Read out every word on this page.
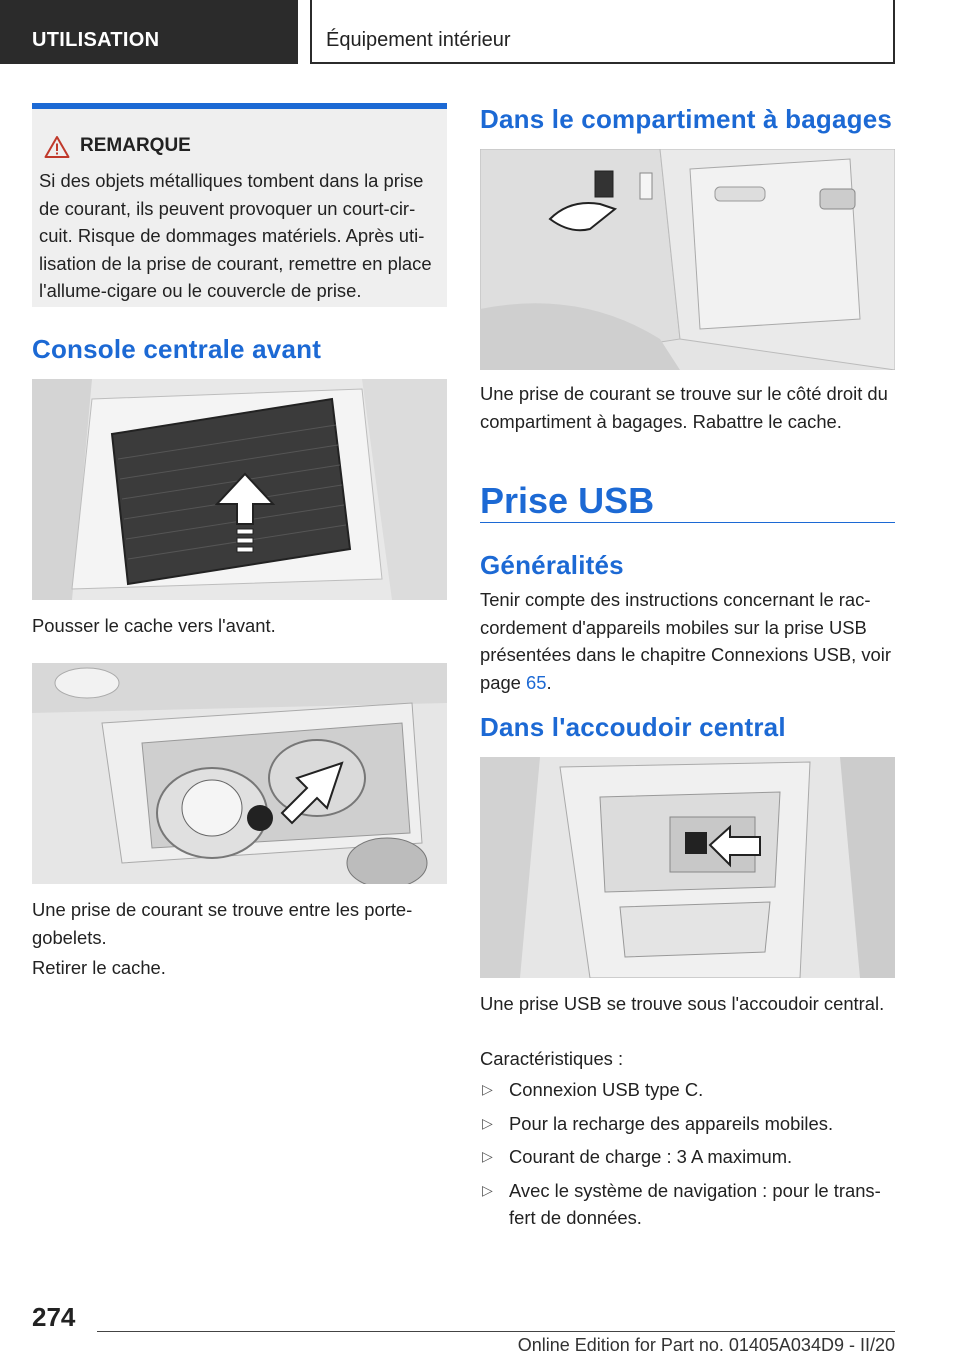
UTILISATION	Équipement intérieur
REMARQUE
Si des objets métalliques tombent dans la prise de courant, ils peuvent provoquer un court-circuit. Risque de dommages matériels. Après utilisation de la prise de courant, remettre en place l'allume-cigare ou le couvercle de prise.
Console centrale avant

Pousser le cache vers l'avant.

Une prise de courant se trouve entre les porte-gobelets.

Retirer le cache.

Dans le compartiment à bagages

Une prise de courant se trouve sur le côté droit du compartiment à bagages. Rabattre le cache.

Prise USB
Généralités

Tenir compte des instructions concernant le raccordement d'appareils mobiles sur la prise USB présentées dans le chapitre Connexions USB, voir page 65.

Dans l'accoudoir central

Une prise USB se trouve sous l'accoudoir central.

Caractéristiques :

▷ Connexion USB type C.
▷ Pour la recharge des appareils mobiles.
▷ Courant de charge : 3 A maximum.
▷ Avec le système de navigation : pour le transfert de données.
274
Online Edition for Part no. 01405A034D9 - II/20
